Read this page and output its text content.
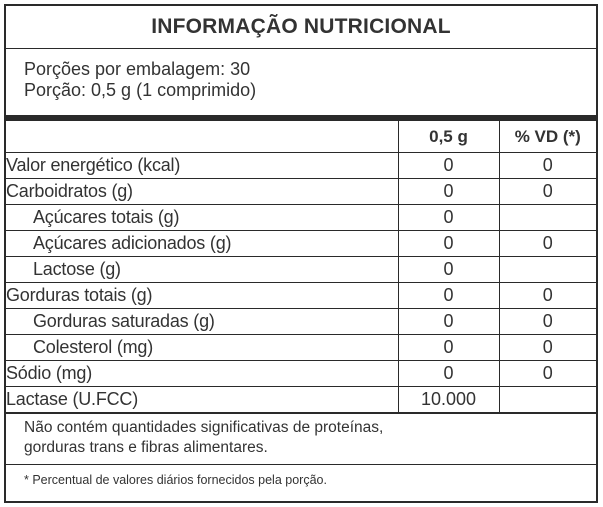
INFORMAÇÃO NUTRICIONAL
Porções por embalagem: 30
Porção: 0,5 g (1 comprimido)
	0,5 g	% VD (*)
Valor energético (kcal)	0	0
Carboidratos (g)	0	0
Açúcares totais (g)	0	
Açúcares adicionados (g)	0	0
Lactose (g)	0	
Gorduras totais (g)	0	0
Gorduras saturadas (g)	0	0
Colesterol (mg)	0	0
Sódio (mg)	0	0
Lactase (U.FCC)	10.000	
Não contém quantidades significativas de proteínas,
gorduras trans e fibras alimentares.
* Percentual de valores diários fornecidos pela porção.
